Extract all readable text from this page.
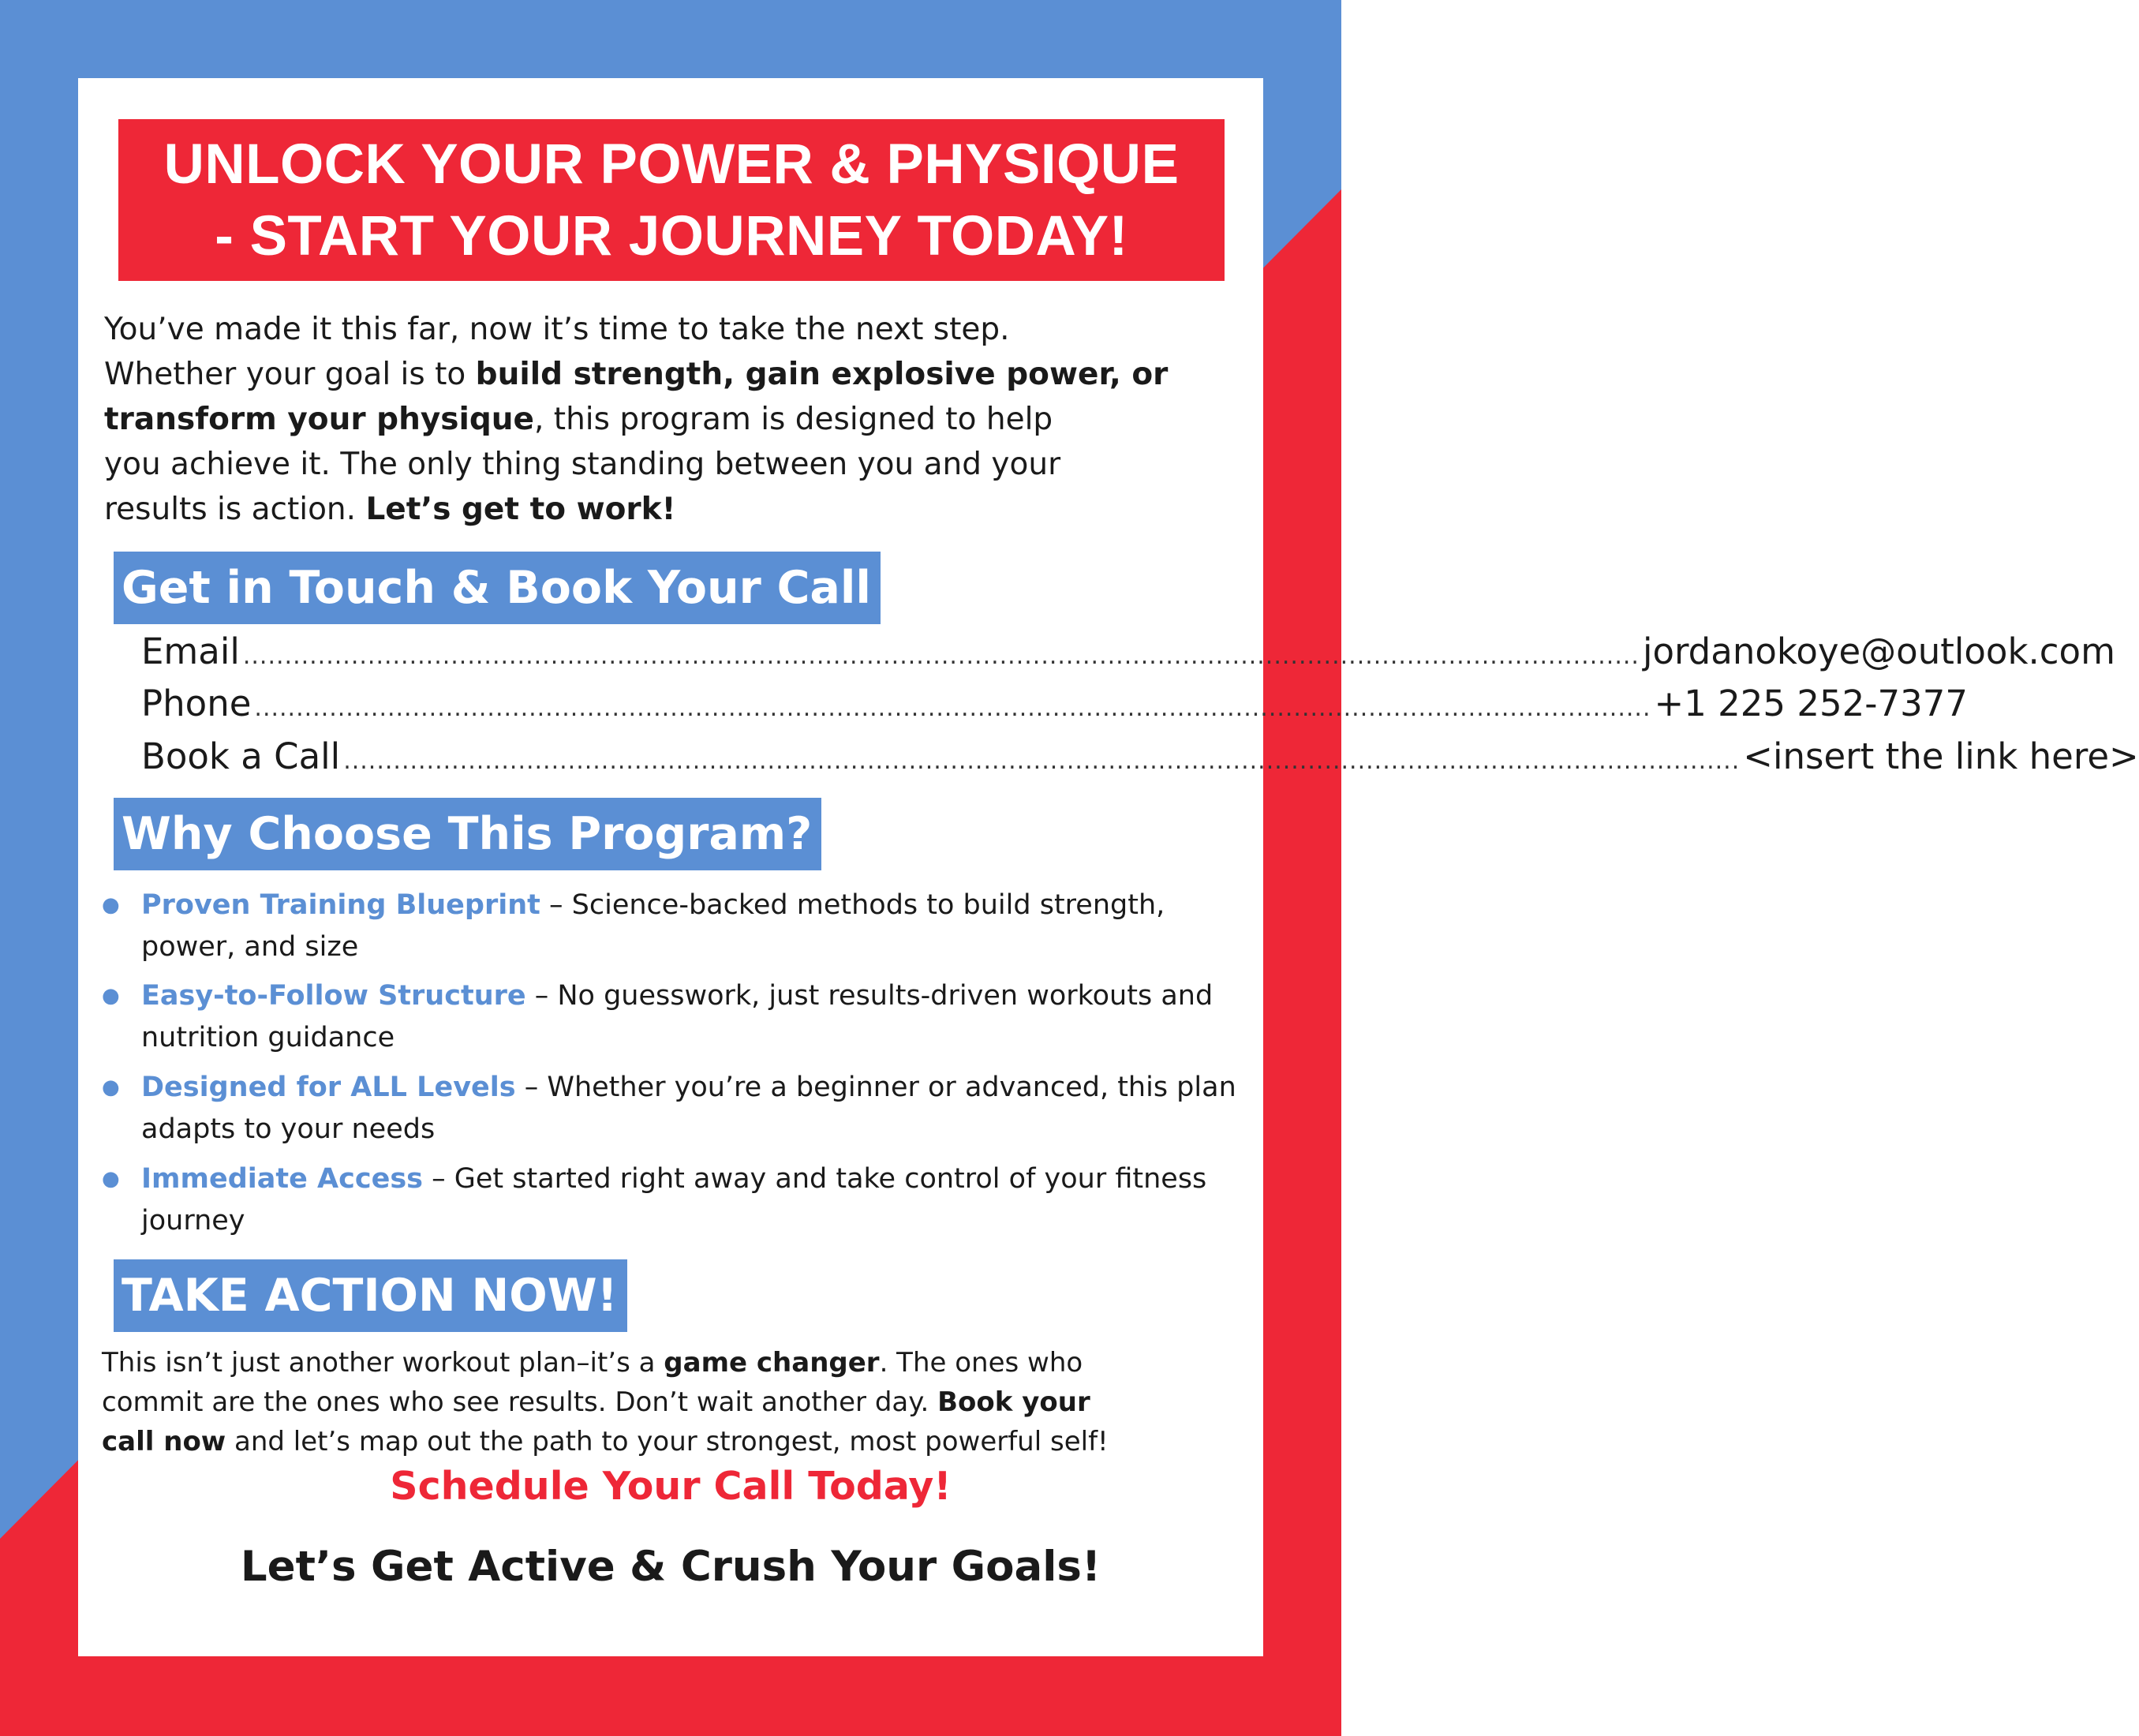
UNLOCK YOUR POWER & PHYSIQUE
- START YOUR JOURNEY TODAY!
You’ve made it this far, now it’s time to take the next step.
Whether your goal is to build strength, gain explosive power, or
transform your physique, this program is designed to help
you achieve it. The only thing standing between you and your
results is action. Let’s get to work!
Get in Touch & Book Your Call
Email ........................................................................................................................................................................ jordanokoye@outlook.com
Phone ........................................................................................................................................................................ +1 225 252-7377
Book a Call ........................................................................................................................................................................ <insert the link here>
Why Choose This Program?
● Proven Training Blueprint – Science-backed methods to build strength, power, and size
● Easy-to-Follow Structure – No guesswork, just results-driven workouts and nutrition guidance
● Designed for ALL Levels – Whether you’re a beginner or advanced, this plan adapts to your needs
● Immediate Access – Get started right away and take control of your fitness journey
TAKE ACTION NOW!
This isn’t just another workout plan–it’s a game changer. The ones who
commit are the ones who see results. Don’t wait another day. Book your
call now and let’s map out the path to your strongest, most powerful self!
Schedule Your Call Today!
Let’s Get Active & Crush Your Goals!
